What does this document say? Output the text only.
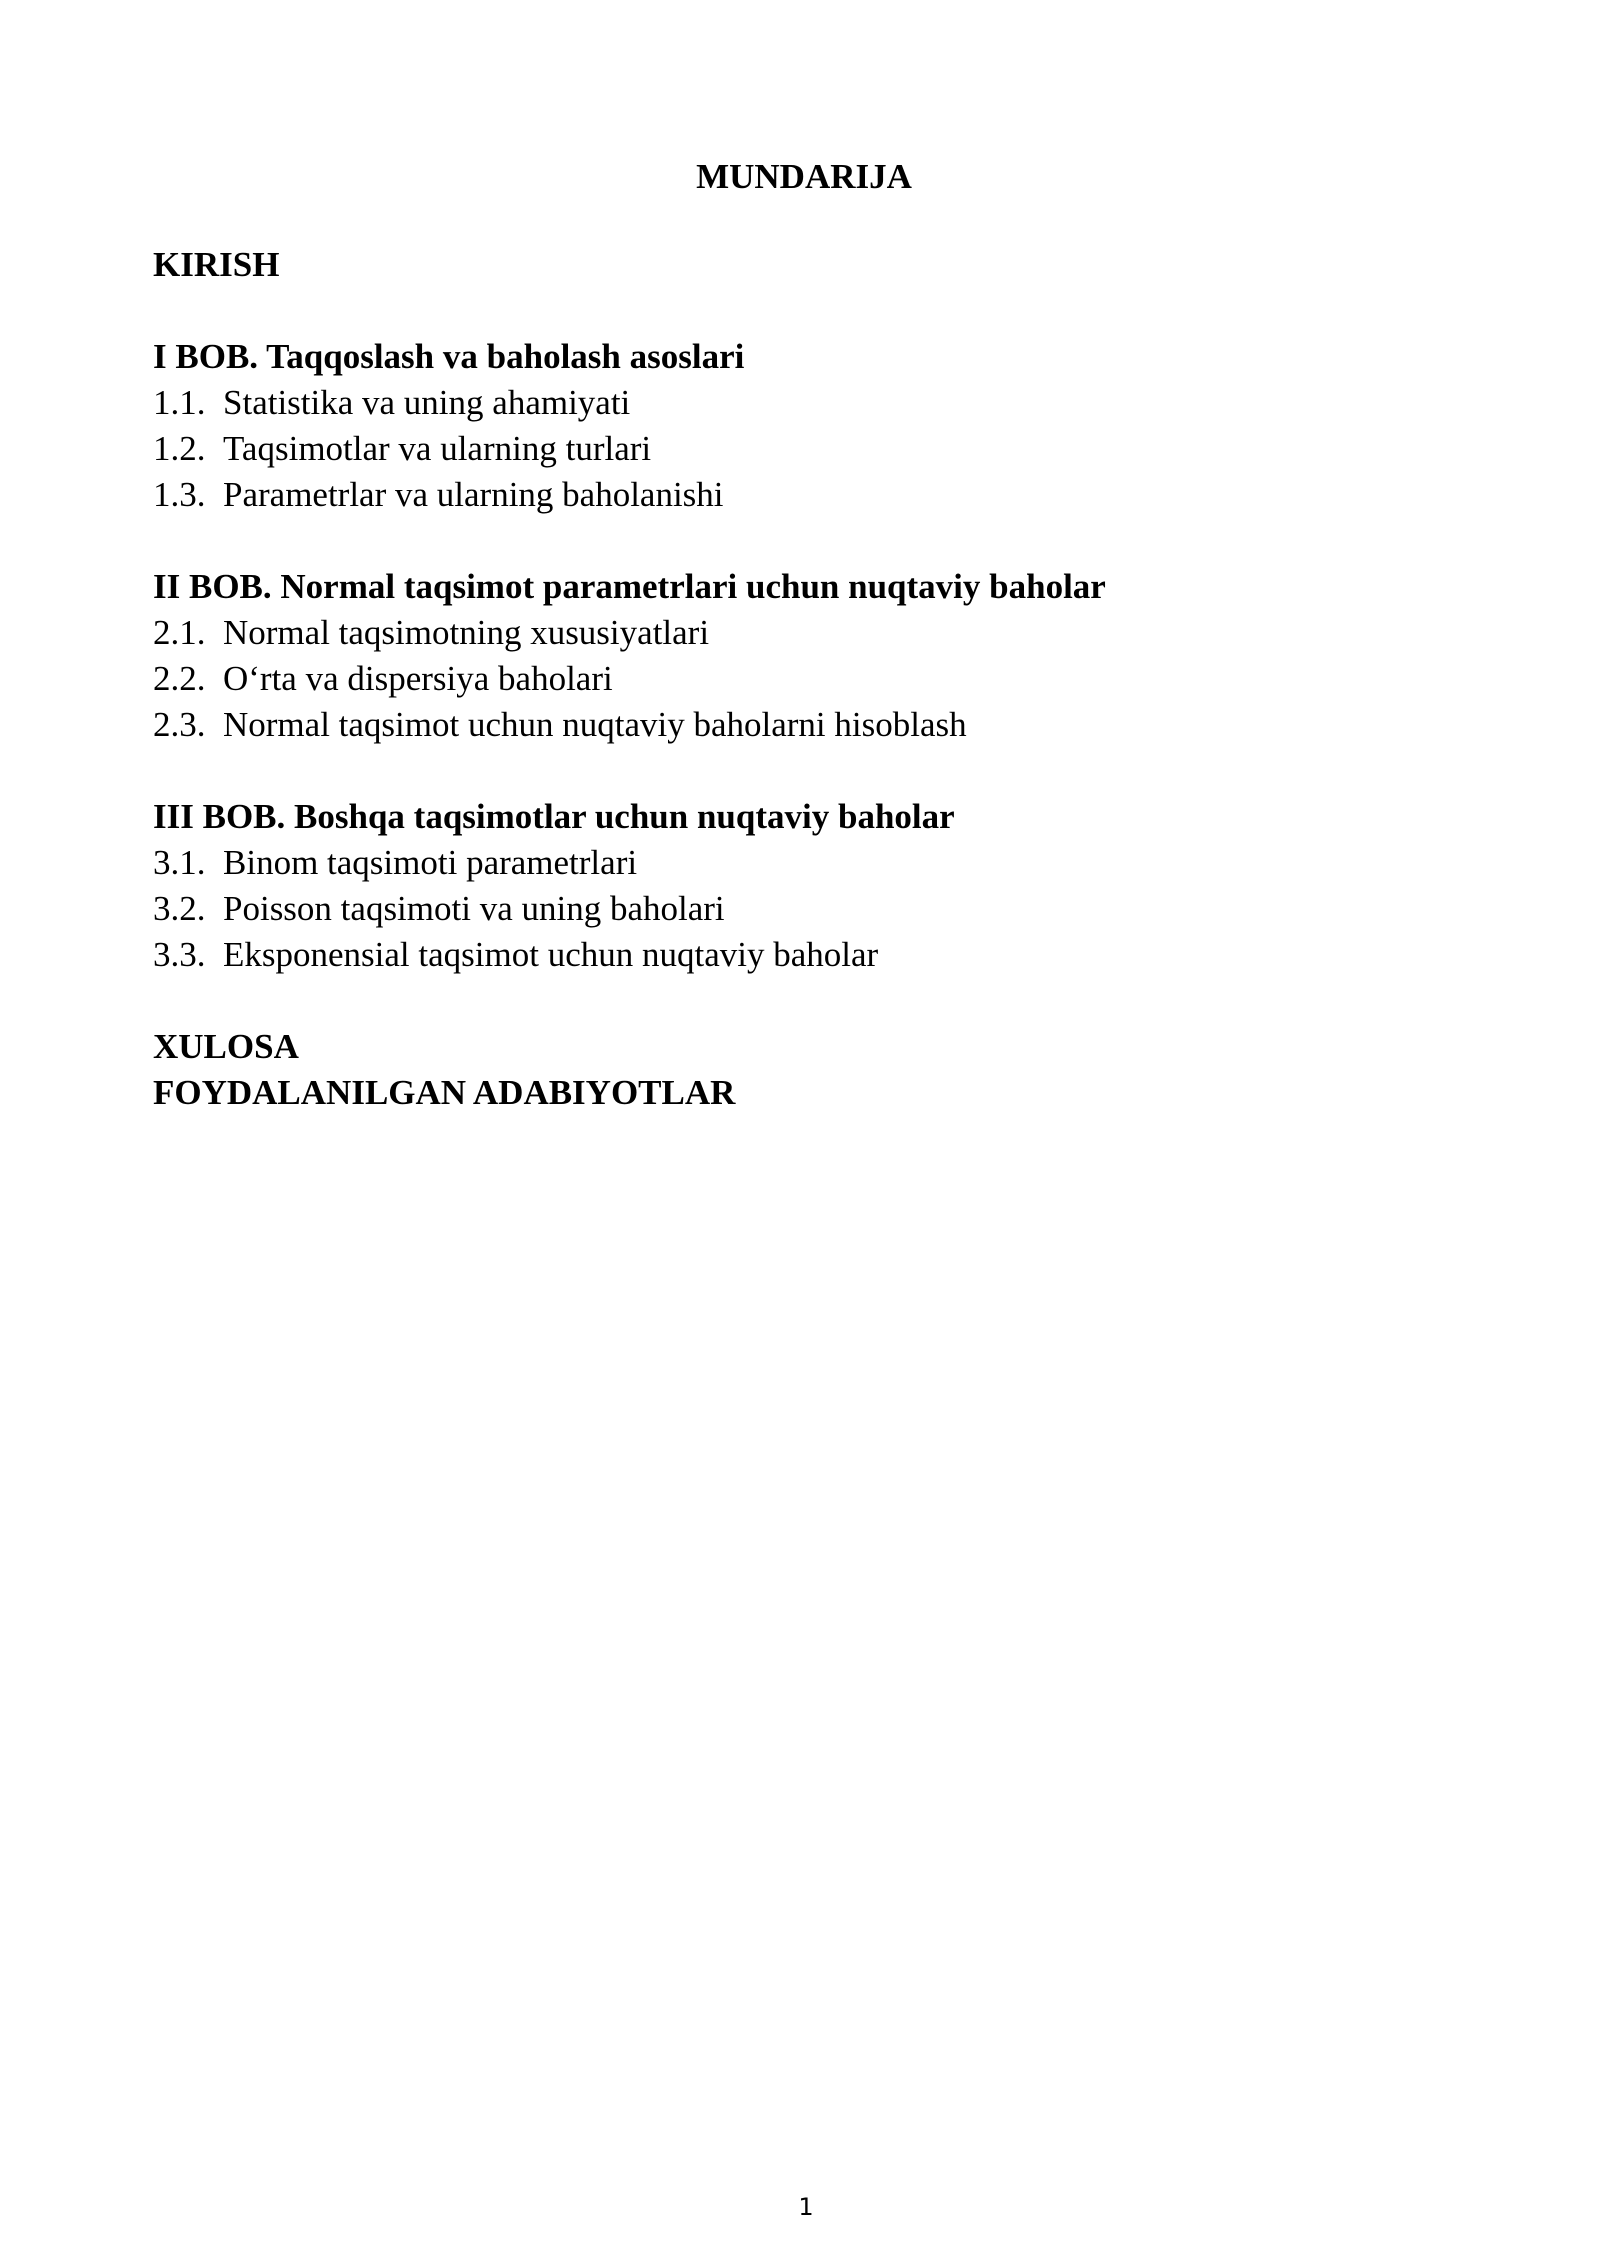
MUNDARIJA
KIRISH
I BOB. Taqqoslash va baholash asoslari
1.1. Statistika va uning ahamiyati
1.2. Taqsimotlar va ularning turlari
1.3. Parametrlar va ularning baholanishi
II BOB. Normal taqsimot parametrlari uchun nuqtaviy baholar
2.1. Normal taqsimotning xususiyatlari
2.2. O‘rta va dispersiya baholari
2.3. Normal taqsimot uchun nuqtaviy baholarni hisoblash
III BOB. Boshqa taqsimotlar uchun nuqtaviy baholar
3.1. Binom taqsimoti parametrlari
3.2. Poisson taqsimoti va uning baholari
3.3. Eksponensial taqsimot uchun nuqtaviy baholar
XULOSA
FOYDALANILGAN ADABIYOTLAR
1
